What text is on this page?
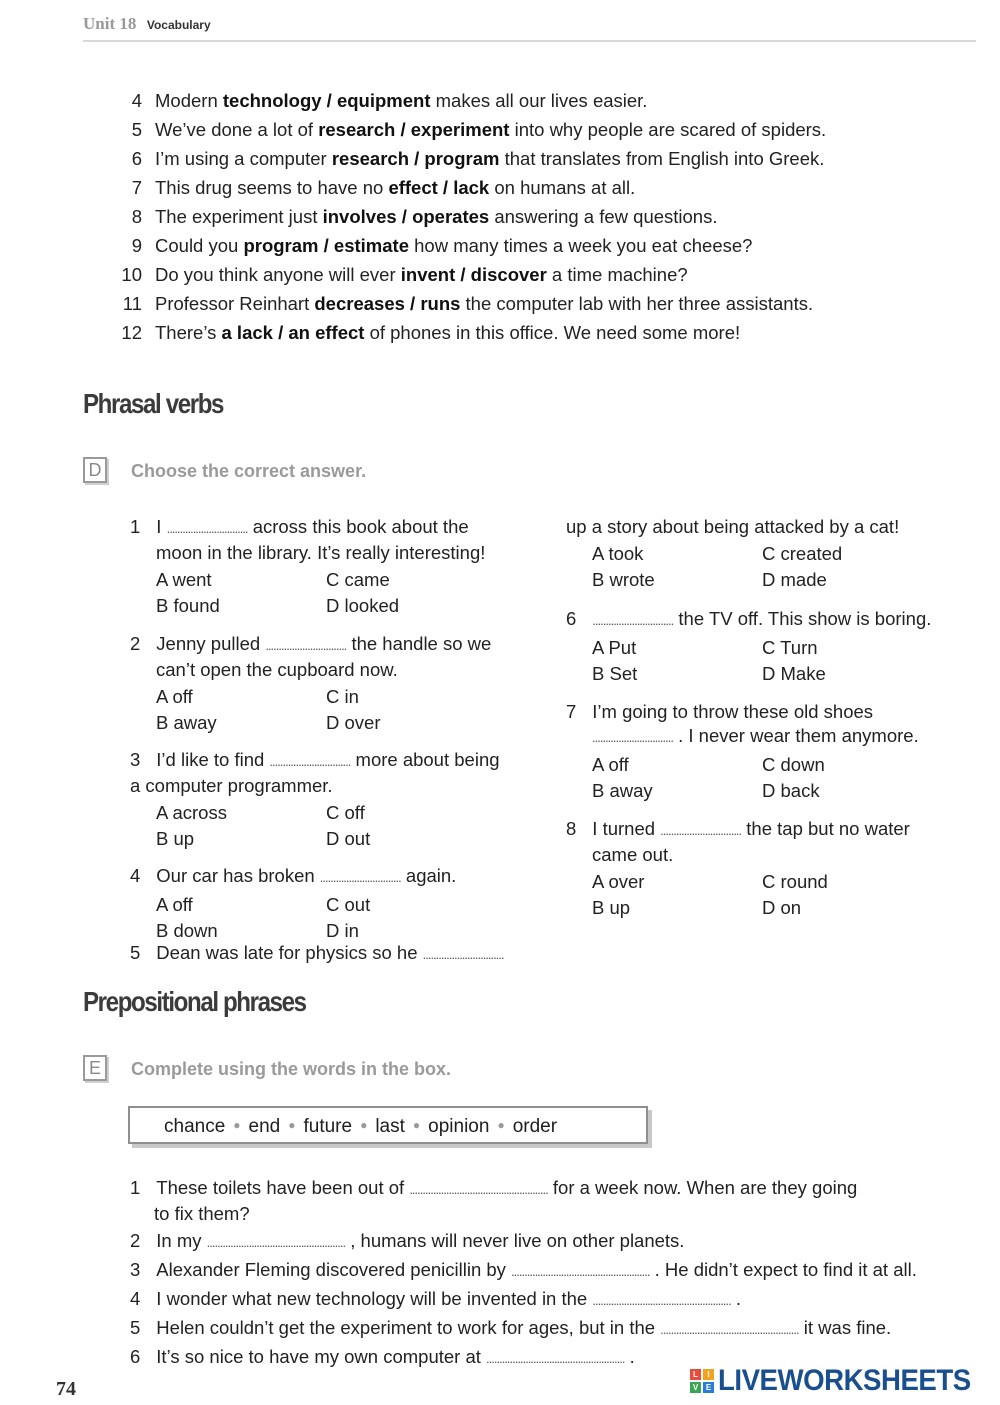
Unit 18 Vocabulary
4 Modern technology / equipment makes all our lives easier.
5 We’ve done a lot of research / experiment into why people are scared of spiders.
6 I’m using a computer research / program that translates from English into Greek.
7 This drug seems to have no effect / lack on humans at all.
8 The experiment just involves / operates answering a few questions.
9 Could you program / estimate how many times a week you eat cheese?
10 Do you think anyone will ever invent / discover a time machine?
11 Professor Reinhart decreases / runs the computer lab with her three assistants.
12 There’s a lack / an effect of phones in this office. We need some more!
Phrasal verbs
D	Choose the correct answer.
1 I ............................... across this book about the
moon in the library. It’s really interesting!
A went	C came
B found	D looked
2 Jenny pulled ............................... the handle so we
can’t open the cupboard now.
A off	C in
B away	D over
3 I’d like to find ............................... more about being
a computer programmer.
A across	C off
B up	D out
4 Our car has broken ............................... again.
A off	C out
B down	D in
5 Dean was late for physics so he ...............................
up a story about being attacked by a cat!
A took	C created
B wrote	D made
6 ............................... the TV off. This show is boring.
A Put	C Turn
B Set	D Make
7 I’m going to throw these old shoes
............................... . I never wear them anymore.
A off	C down
B away	D back
8 I turned ............................... the tap but no water
came out.
A over	C round
B up	D on
Prepositional phrases
E	Complete using the words in the box.
chance ● end ● future ● last ● opinion ● order
1 These toilets have been out of ..................................................... for a week now. When are they going
to fix them?
2 In my ..................................................... , humans will never live on other planets.
3 Alexander Fleming discovered penicillin by ..................................................... . He didn’t expect to find it at all.
4 I wonder what new technology will be invented in the ..................................................... .
5 Helen couldn’t get the experiment to work for ages, but in the ..................................................... it was fine.
6 It’s so nice to have my own computer at ..................................................... .
74
L	I
V E LIVEWORKSHEETS
